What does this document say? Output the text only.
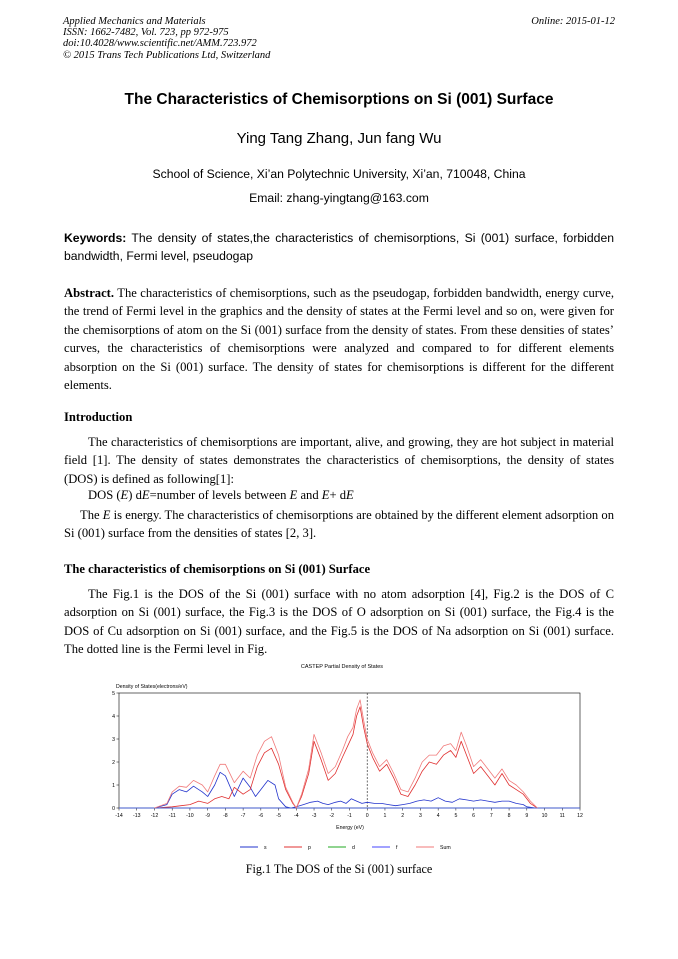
Applied Mechanics and Materials
ISSN: 1662-7482, Vol. 723, pp 972-975
doi:10.4028/www.scientific.net/AMM.723.972
© 2015 Trans Tech Publications Ltd, Switzerland
Online: 2015-01-12
The Characteristics of Chemisorptions on Si (001) Surface
Ying Tang Zhang, Jun fang Wu
School of Science, Xi’an Polytechnic University, Xi’an, 710048, China
Email: zhang-yingtang@163.com
Keywords: The density of states,the characteristics of chemisorptions, Si (001) surface, forbidden bandwidth, Fermi level, pseudogap
Abstract. The characteristics of chemisorptions, such as the pseudogap, forbidden bandwidth, energy curve, the trend of Fermi level in the graphics and the density of states at the Fermi level and so on, were given for the chemisorptions of atom on the Si (001) surface from the density of states. From these densities of states’ curves, the characteristics of chemisorptions were analyzed and compared to for different elements absorption on the Si (001) surface. The density of states for chemisorptions is different for the different elements.
Introduction
The characteristics of chemisorptions are important, alive, and growing, they are hot subject in material field [1]. The density of states demonstrates the characteristics of chemisorptions, the density of states (DOS) is defined as following[1]:
DOS (E) dE=number of levels between E and E+ dE
The E is energy. The characteristics of chemisorptions are obtained by the different element adsorption on Si (001) surface from the densities of states [2, 3].
The characteristics of chemisorptions on Si (001) Surface
The Fig.1 is the DOS of the Si (001) surface with no atom adsorption [4], Fig.2 is the DOS of C adsorption on Si (001) surface, the Fig.3 is the DOS of O adsorption on Si (001) surface, the Fig.4 is the DOS of Cu adsorption on Si (001) surface, and the Fig.5 is the DOS of Na adsorption on Si (001) surface. The dotted line is the Fermi level in Fig.
CASTEP Partial Density of States
Density of States(electrons/eV)
Energy (eV)
-14 -13 -12 -11 -10 -9	-8	-7	-6	-5	-4	-3	-2	-1	0	1	2	3	4	5	6	7	8	9	10 11 12
0
1
2
3
4
5
s	p	d	f	Sum
Fig.1 The DOS of the Si (001) surface
